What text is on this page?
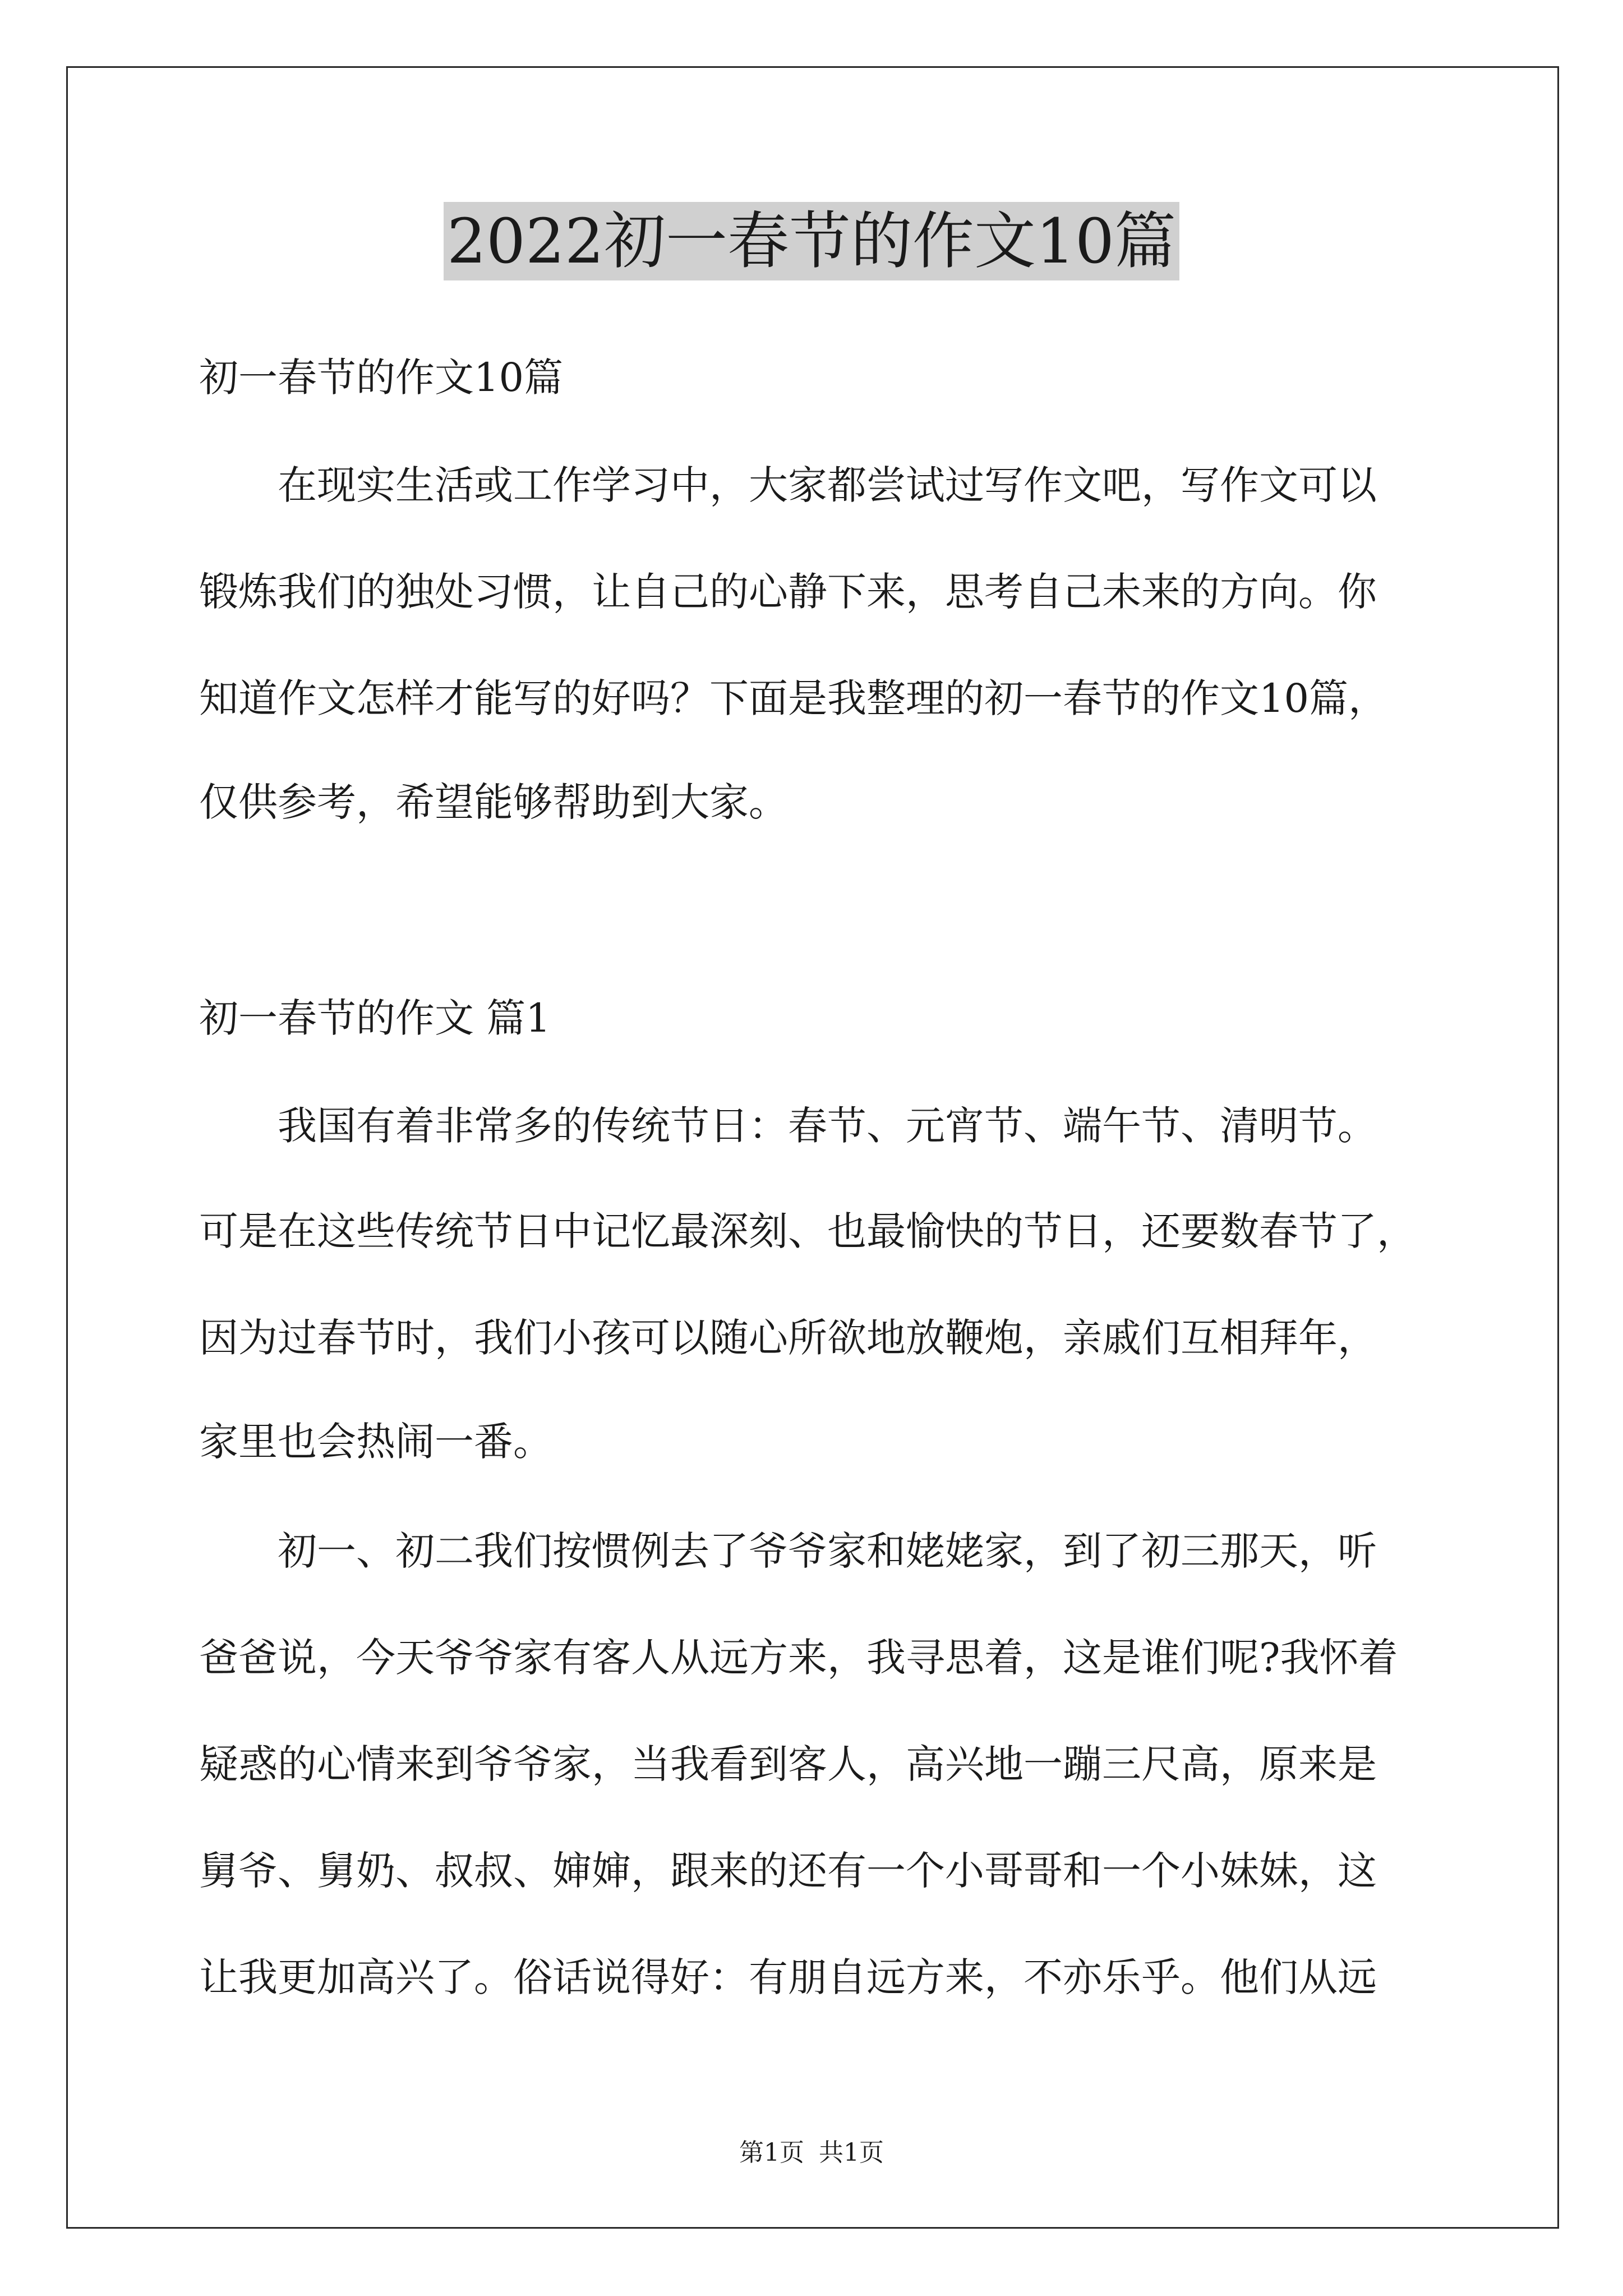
2022初一春节的作文10篇
初一春节的作文10篇
在现实生活或工作学习中，大家都尝试过写作文吧，写作文可以
锻炼我们的独处习惯，让自己的心静下来，思考自己未来的方向。你
知道作文怎样才能写的好吗？下面是我整理的初一春节的作文10篇，
仅供参考，希望能够帮助到大家。
初一春节的作文 篇1
我国有着非常多的传统节日：春节、元宵节、端午节、清明节。
可是在这些传统节日中记忆最深刻、也最愉快的节日，还要数春节了，
因为过春节时，我们小孩可以随心所欲地放鞭炮，亲戚们互相拜年，
家里也会热闹一番。
初一、初二我们按惯例去了爷爷家和姥姥家，到了初三那天，听
爸爸说，今天爷爷家有客人从远方来，我寻思着，这是谁们呢?我怀着
疑惑的心情来到爷爷家，当我看到客人，高兴地一蹦三尺高，原来是
舅爷、舅奶、叔叔、婶婶，跟来的还有一个小哥哥和一个小妹妹，这
让我更加高兴了。俗话说得好：有朋自远方来，不亦乐乎。他们从远
第1页 共1页
